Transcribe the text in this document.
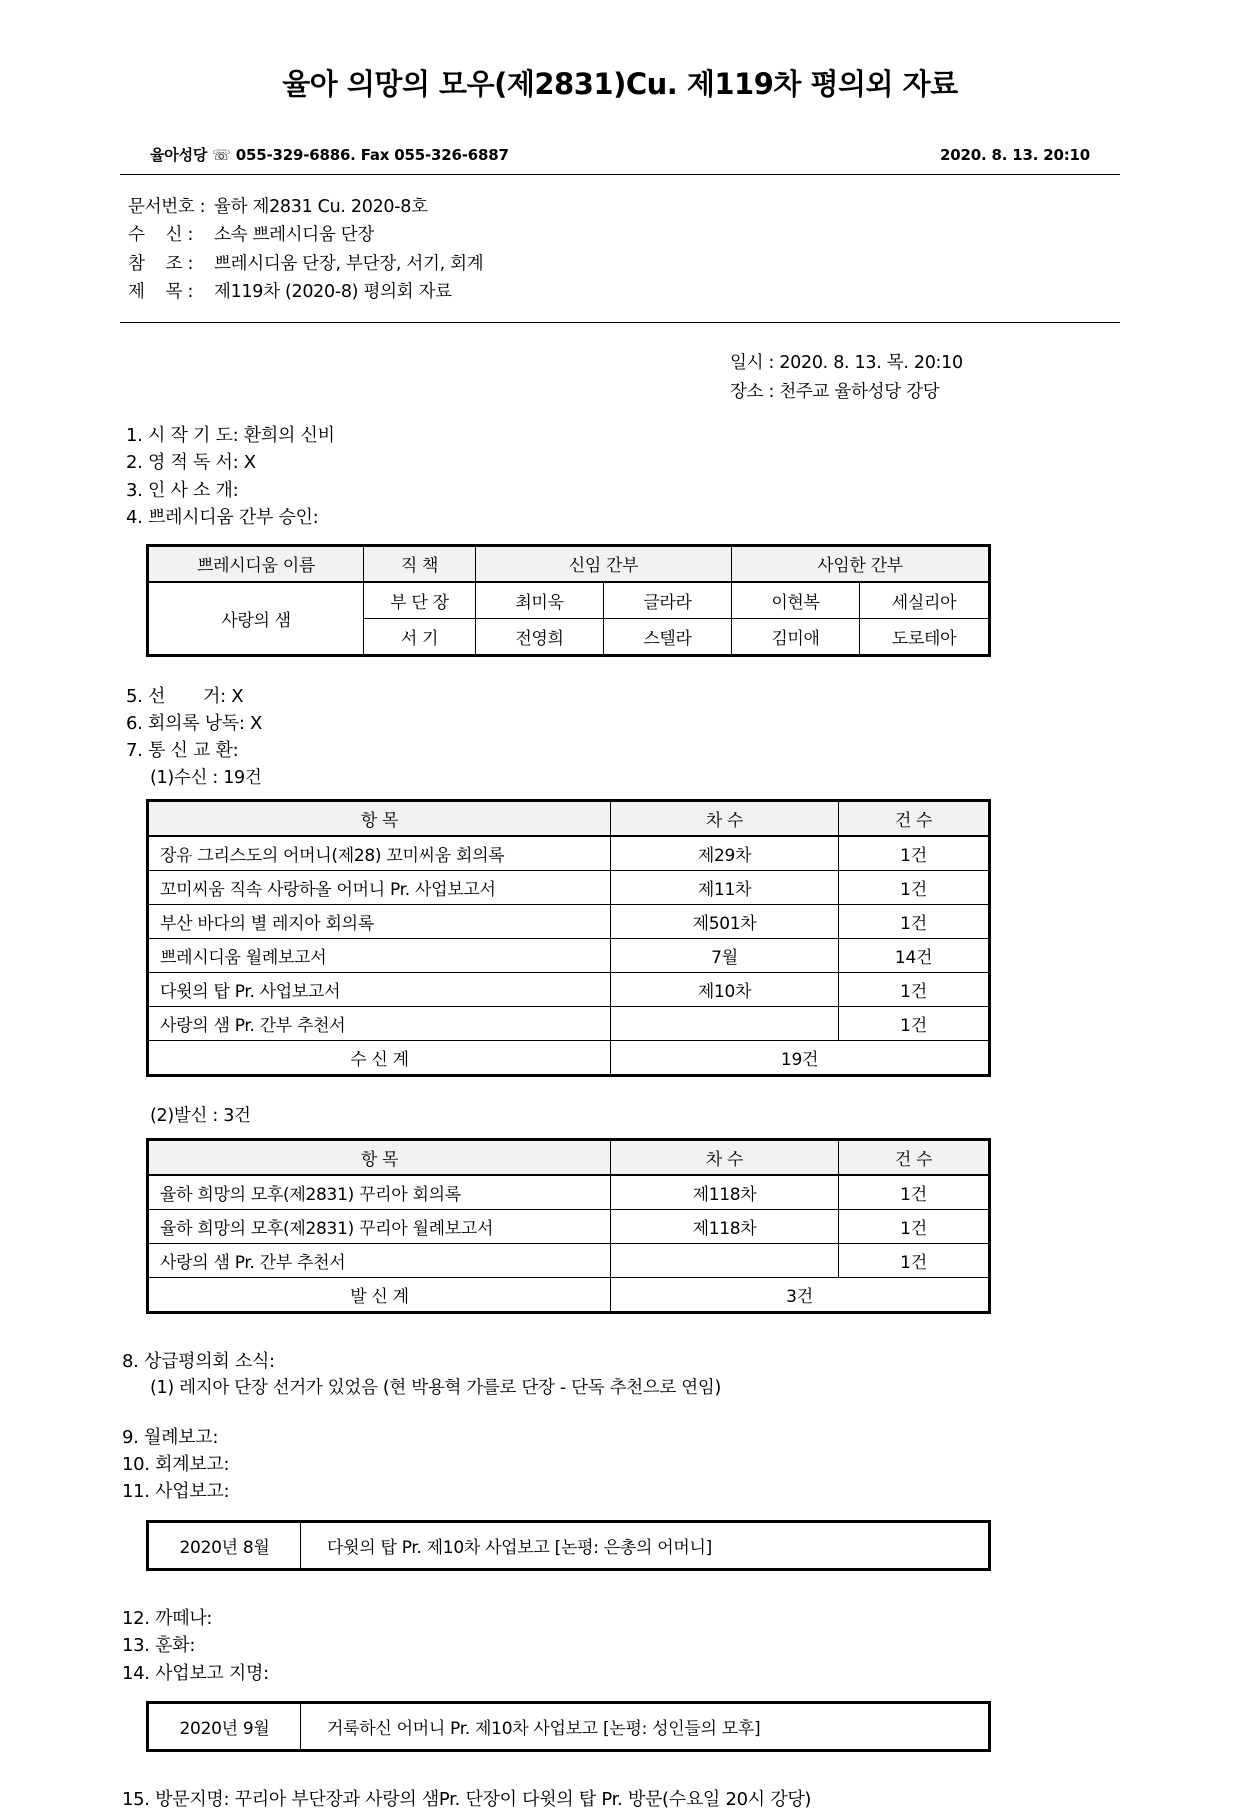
율아 의망의 모우(제2831)Cu. 제119차 평의외 자료
율아성당 ☏ 055-329-6886. Fax 055-326-6887	2020. 8. 13. 20:10
문서번호 : 율하 제2831 Cu. 2020-8호
수    신 : 소속 쁘레시디움 단장
참    조 : 쁘레시디움 단장, 부단장, 서기, 회계
제    목 : 제119차 (2020-8) 평의회 자료
일시 : 2020. 8. 13. 목. 20:10
장소 : 천주교 율하성당 강당
1. 시 작 기 도: 환희의 신비
2. 영 적 독 서: X
3. 인 사 소 개:
4. 쁘레시디움 간부 승인:
쁘레시디움 이름	직 책	신임 간부		사임한 간부	
사랑의 샘	부 단 장	최미욱	글라라	이현복	세실리아
	서 기	전영희	스텔라	김미애	도로테아
5. 선       거: X
6. 회의록 낭독: X
7. 통 신 교 환:
(1)수신 : 19건
항 목	차 수	건 수
장유 그리스도의 어머니(제28) 꼬미씨움 회의록	제29차	1건
꼬미씨움 직속 사랑하올 어머니 Pr. 사업보고서	제11차	1건
부산 바다의 별 레지아 회의록	제501차	1건
쁘레시디움 월례보고서	7월	14건
다윗의 탑 Pr. 사업보고서	제10차	1건
사랑의 샘 Pr. 간부 추천서		1건
수 신 계	19건	
(2)발신 : 3건
항 목	차 수	건 수
율하 희망의 모후(제2831) 꾸리아 회의록	제118차	1건
율하 희망의 모후(제2831) 꾸리아 월례보고서	제118차	1건
사랑의 샘 Pr. 간부 추천서		1건
발 신 계	3건	
8. 상급평의회 소식:
(1) 레지아 단장 선거가 있었음 (현 박용혁 가를로 단장 - 단독 추천으로 연임)
9. 월례보고:
10. 회계보고:
11. 사업보고:
2020년 8월	다윗의 탑 Pr. 제10차 사업보고 [논평: 은총의 어머니]
12. 까떼나:
13. 훈화:
14. 사업보고 지명:
2020년 9월	거룩하신 어머니 Pr. 제10차 사업보고 [논평: 성인들의 모후]
15. 방문지명: 꾸리아 부단장과 사랑의 샘Pr. 단장이 다윗의 탑 Pr. 방문(수요일 20시 강당)
